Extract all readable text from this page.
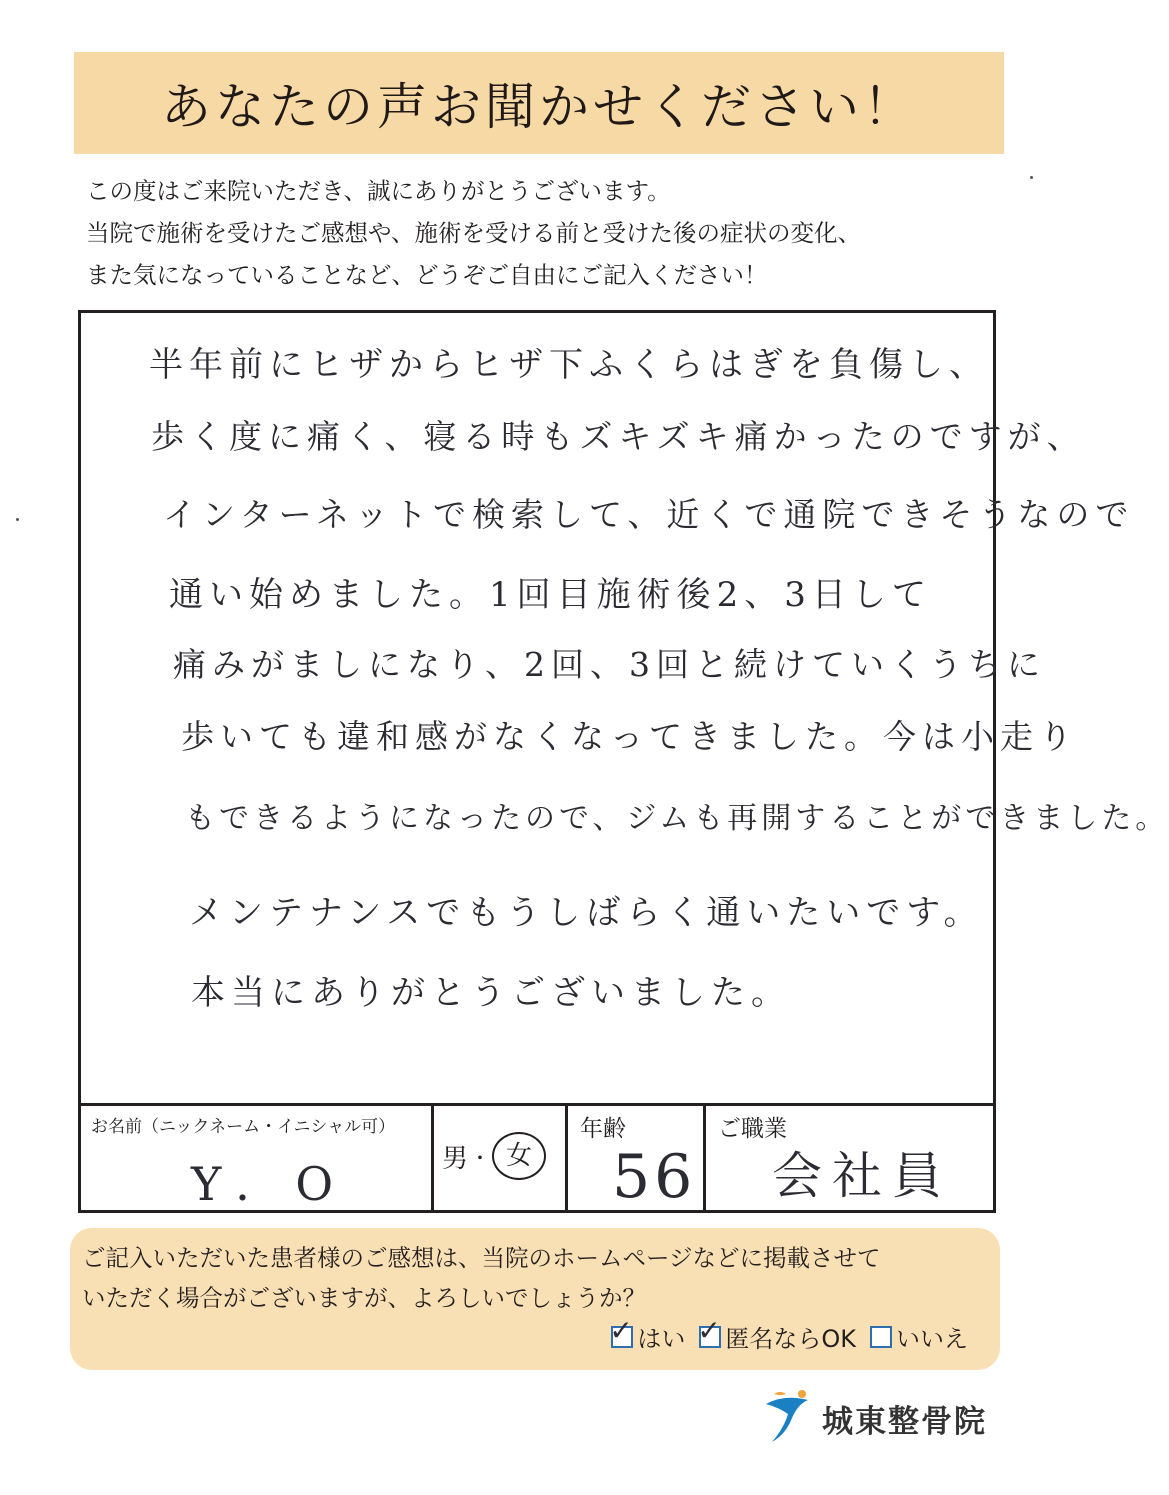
あなたの声お聞かせください！
この度はご来院いただき、誠にありがとうございます。
当院で施術を受けたご感想や、施術を受ける前と受けた後の症状の変化、
また気になっていることなど、どうぞご自由にご記入ください！
半年前にヒザからヒザ下ふくらはぎを負傷し、
歩く度に痛く、寝る時もズキズキ痛かったのですが、
インターネットで検索して、近くで通院できそうなので
通い始めました。1回目施術後2、3日して
痛みがましになり、2回、3回と続けていくうちに
歩いても違和感がなくなってきました。今は小走り
もできるようになったので、ジムも再開することができました。
メンテナンスでもうしばらく通いたいです。
本当にありがとうございました。
お名前（ニックネーム・イニシャル可）
Y．O	男 ・ 女
年齢
56
ご職業
会社員
ご記入いただいた患者様のご感想は、当院のホームページなどに掲載させて
いただく場合がございますが、よろしいでしょうか？
✓ はい ✓ 匿名ならOK いいえ
城東整骨院
